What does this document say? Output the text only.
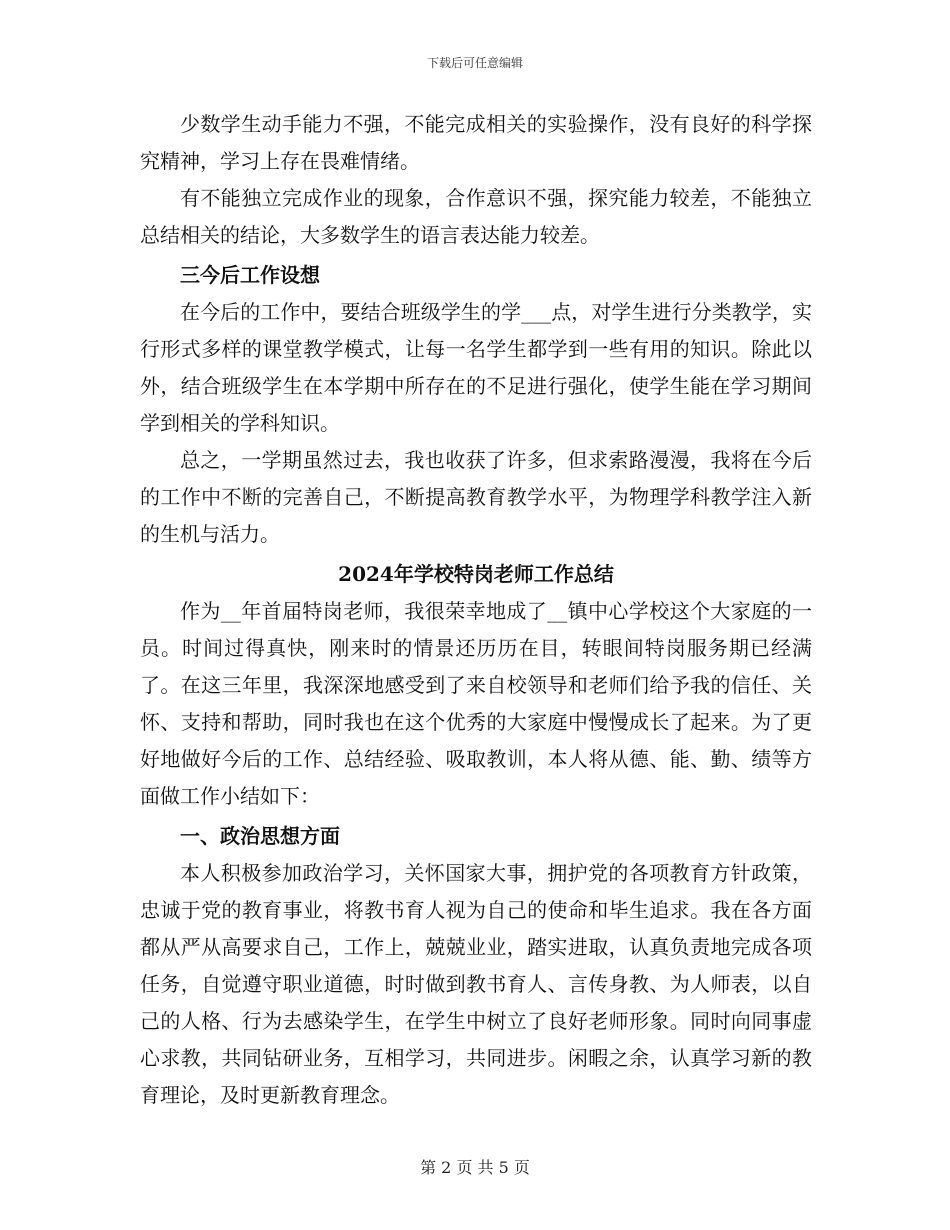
下载后可任意编辑

少数学生动手能力不强，不能完成相关的实验操作，没有良好的科学探究精神，学习上存在畏难情绪。

有不能独立完成作业的现象，合作意识不强，探究能力较差，不能独立总结相关的结论，大多数学生的语言表达能力较差。

三今后工作设想

在今后的工作中，要结合班级学生的学___点，对学生进行分类教学，实行形式多样的课堂教学模式，让每一名学生都学到一些有用的知识。除此以外，结合班级学生在本学期中所存在的不足进行强化，使学生能在学习期间学到相关的学科知识。

总之，一学期虽然过去，我也收获了许多，但求索路漫漫，我将在今后的工作中不断的完善自己，不断提高教育教学水平，为物理学科教学注入新的生机与活力。

2024年学校特岗老师工作总结

作为__年首届特岗老师，我很荣幸地成了__镇中心学校这个大家庭的一员。时间过得真快，刚来时的情景还历历在目，转眼间特岗服务期已经满了。在这三年里，我深深地感受到了来自校领导和老师们给予我的信任、关怀、支持和帮助，同时我也在这个优秀的大家庭中慢慢成长了起来。为了更好地做好今后的工作、总结经验、吸取教训，本人将从德、能、勤、绩等方面做工作小结如下：

一、政治思想方面

本人积极参加政治学习，关怀国家大事，拥护党的各项教育方针政策，忠诚于党的教育事业，将教书育人视为自己的使命和毕生追求。我在各方面都从严从高要求自己，工作上，兢兢业业，踏实进取，认真负责地完成各项任务，自觉遵守职业道德，时时做到教书育人、言传身教、为人师表，以自己的人格、行为去感染学生，在学生中树立了良好老师形象。同时向同事虚心求教，共同钻研业务，互相学习，共同进步。闲暇之余，认真学习新的教育理论，及时更新教育理念。

第 2 页 共 5 页
